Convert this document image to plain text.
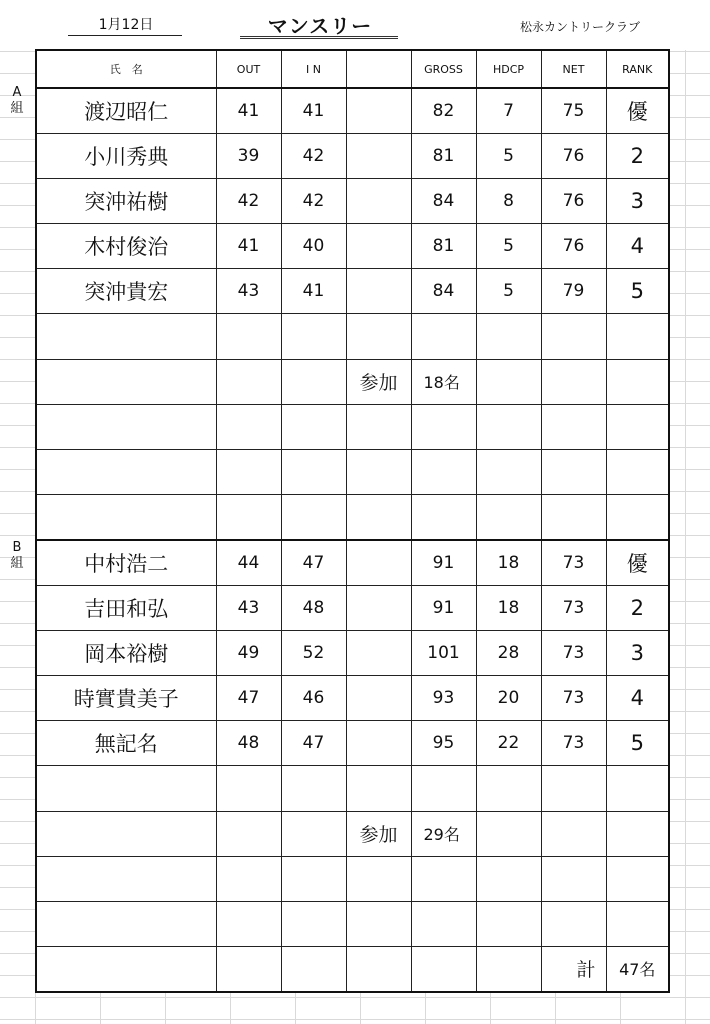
1月12日	マンスリー	松永カントリークラブ
A
組
B
組
氏　名	OUT	I N		GROSS	HDCP	NET	RANK
渡辺昭仁	41	41		82	7	75	優
小川秀典	39	42		81	5	76	2
突沖祐樹	42	42		84	8	76	3
木村俊治	41	40		81	5	76	4
突沖貴宏	43	41		84	5	79	5

			参加	18名			

中村浩二	44	47		91	18	73	優
吉田和弘	43	48		91	18	73	2
岡本裕樹	49	52		101	28	73	3
時實貴美子	47	46		93	20	73	4
無記名	48	47		95	22	73	5

			参加	29名			

						計	47名
